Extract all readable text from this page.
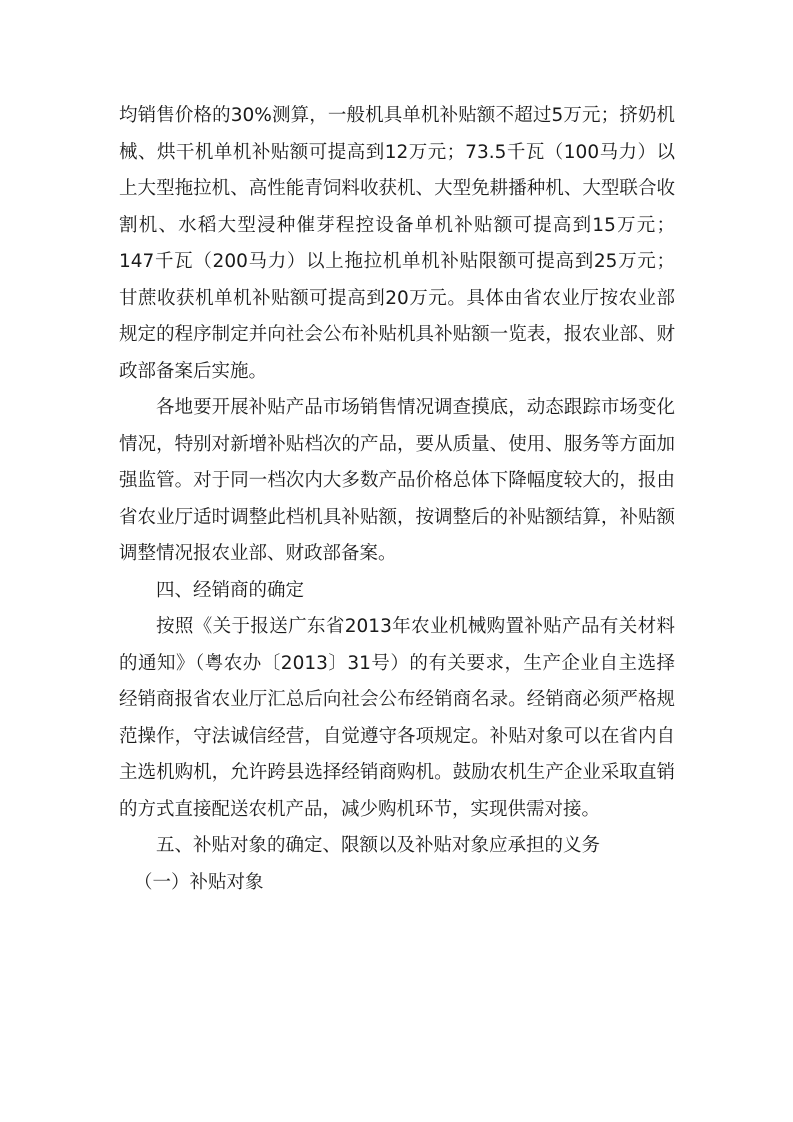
均销售价格的30%测算，一般机具单机补贴额不超过5万元；挤奶机械、烘干机单机补贴额可提高到12万元；73.5千瓦（100马力）以上大型拖拉机、高性能青饲料收获机、大型免耕播种机、大型联合收割机、水稻大型浸种催芽程控设备单机补贴额可提高到15万元；147千瓦（200马力）以上拖拉机单机补贴限额可提高到25万元；甘蔗收获机单机补贴额可提高到20万元。具体由省农业厅按农业部规定的程序制定并向社会公布补贴机具补贴额一览表，报农业部、财政部备案后实施。

各地要开展补贴产品市场销售情况调查摸底，动态跟踪市场变化情况，特别对新增补贴档次的产品，要从质量、使用、服务等方面加强监管。对于同一档次内大多数产品价格总体下降幅度较大的，报由省农业厅适时调整此档机具补贴额，按调整后的补贴额结算，补贴额调整情况报农业部、财政部备案。

四、经销商的确定

按照《关于报送广东省2013年农业机械购置补贴产品有关材料的通知》（粤农办〔2013〕31号）的有关要求，生产企业自主选择经销商报省农业厅汇总后向社会公布经销商名录。经销商必须严格规范操作，守法诚信经营，自觉遵守各项规定。补贴对象可以在省内自主选机购机，允许跨县选择经销商购机。鼓励农机生产企业采取直销的方式直接配送农机产品，减少购机环节，实现供需对接。

五、补贴对象的确定、限额以及补贴对象应承担的义务

（一）补贴对象
